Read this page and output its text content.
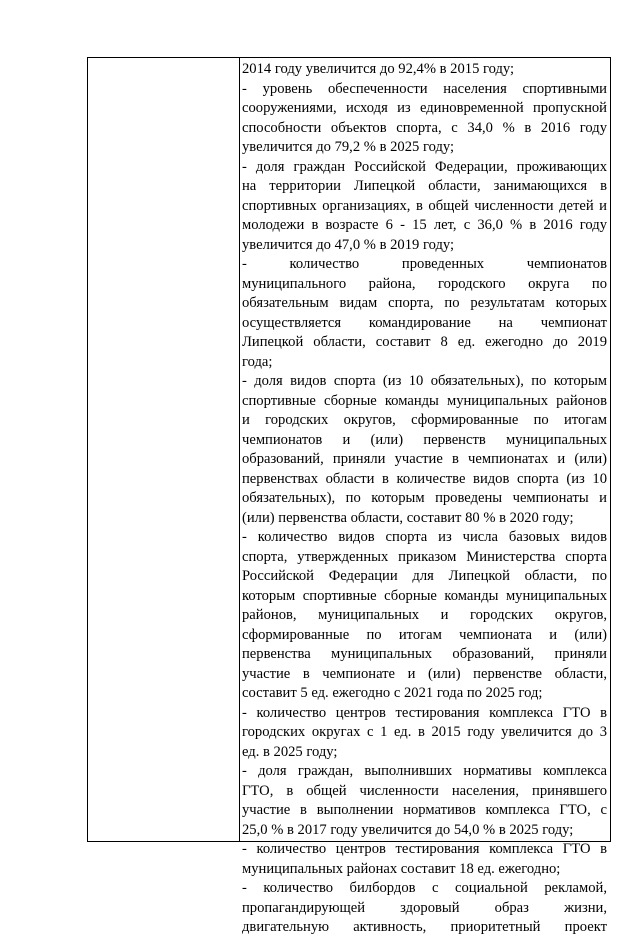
2014 году увеличится до 92,4% в 2015 году;
- уровень обеспеченности населения спортивными
сооружениями, исходя из единовременной пропускной
способности объектов спорта, с 34,0 % в 2016 году
увеличится до 79,2 % в 2025 году;
- доля граждан Российской Федерации, проживающих
на территории Липецкой области, занимающихся в
спортивных организациях, в общей численности детей и
молодежи в возрасте 6 - 15 лет, с 36,0 % в 2016 году
увеличится до 47,0 % в 2019 году;
- количество проведенных чемпионатов
муниципального района, городского округа по
обязательным видам спорта, по результатам которых
осуществляется командирование на чемпионат
Липецкой области, составит 8 ед. ежегодно до 2019
года;
- доля видов спорта (из 10 обязательных), по которым
спортивные сборные команды муниципальных районов
и городских округов, сформированные по итогам
чемпионатов и (или) первенств муниципальных
образований, приняли участие в чемпионатах и (или)
первенствах области в количестве видов спорта (из 10
обязательных), по которым проведены чемпионаты и
(или) первенства области, составит 80 % в 2020 году;
- количество видов спорта из числа базовых видов
спорта, утвержденных приказом Министерства спорта
Российской Федерации для Липецкой области, по
которым спортивные сборные команды муниципальных
районов, муниципальных и городских округов,
сформированные по итогам чемпионата и (или)
первенства муниципальных образований, приняли
участие в чемпионате и (или) первенстве области,
составит 5 ед. ежегодно с 2021 года по 2025 год;
- количество центров тестирования комплекса ГТО в
городских округах с 1 ед. в 2015 году увеличится до 3
ед. в 2025 году;
- доля граждан, выполнивших нормативы комплекса
ГТО, в общей численности населения, принявшего
участие в выполнении нормативов комплекса ГТО, с
25,0 % в 2017 году увеличится до 54,0 % в 2025 году;
- количество центров тестирования комплекса ГТО в
муниципальных районах составит 18 ед. ежегодно;
- количество билбордов с социальной рекламой,
пропагандирующей здоровый образ жизни,
двигательную активность, приоритетный проект
